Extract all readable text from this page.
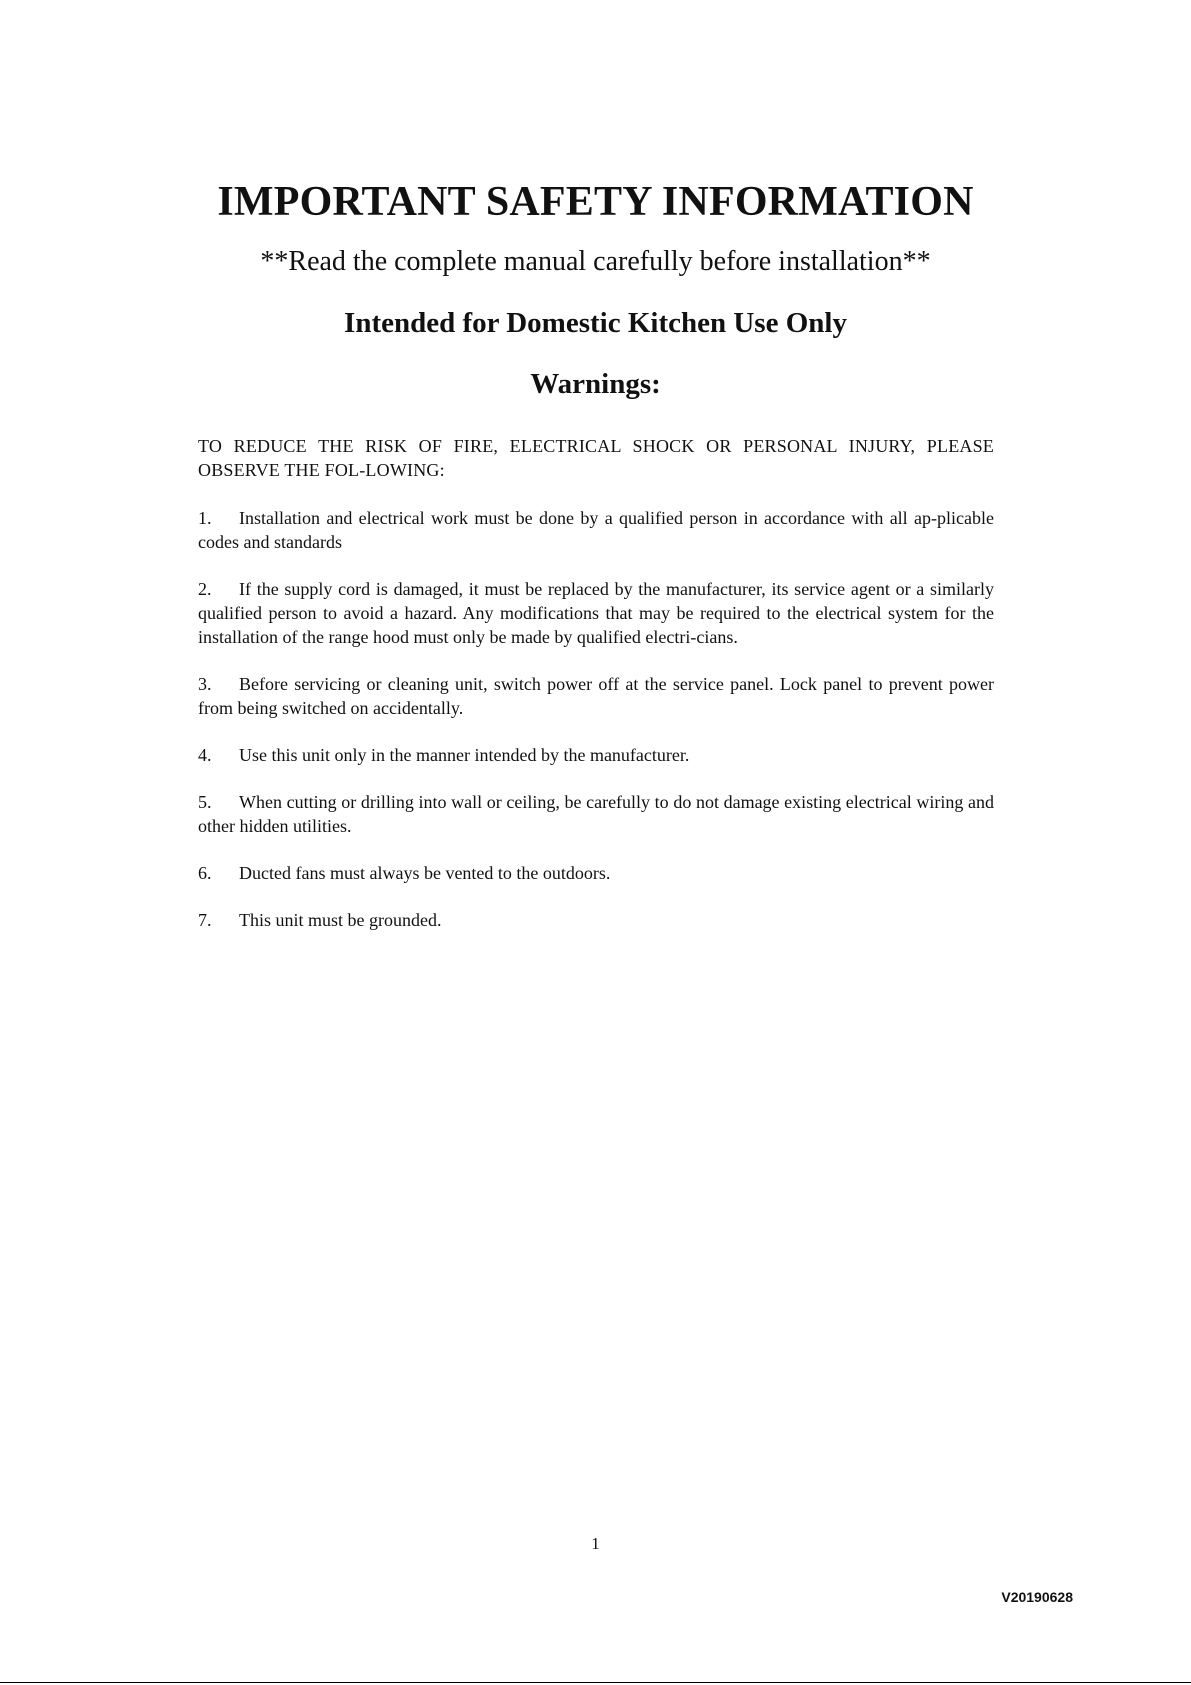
IMPORTANT SAFETY INFORMATION
**Read the complete manual carefully before installation**
Intended for Domestic Kitchen Use Only
Warnings:

TO REDUCE THE RISK OF FIRE, ELECTRICAL SHOCK OR PERSONAL INJURY, PLEASE OBSERVE THE FOL-LOWING:

1. Installation and electrical work must be done by a qualified person in accordance with all ap-plicable codes and standards

2. If the supply cord is damaged, it must be replaced by the manufacturer, its service agent or a similarly qualified person to avoid a hazard. Any modifications that may be required to the electrical system for the installation of the range hood must only be made by qualified electri-cians.

3. Before servicing or cleaning unit, switch power off at the service panel. Lock panel to prevent power from being switched on accidentally.

4. Use this unit only in the manner intended by the manufacturer.

5. When cutting or drilling into wall or ceiling, be carefully to do not damage existing electrical wiring and other hidden utilities.

6. Ducted fans must always be vented to the outdoors.

7. This unit must be grounded.

1
V20190628
